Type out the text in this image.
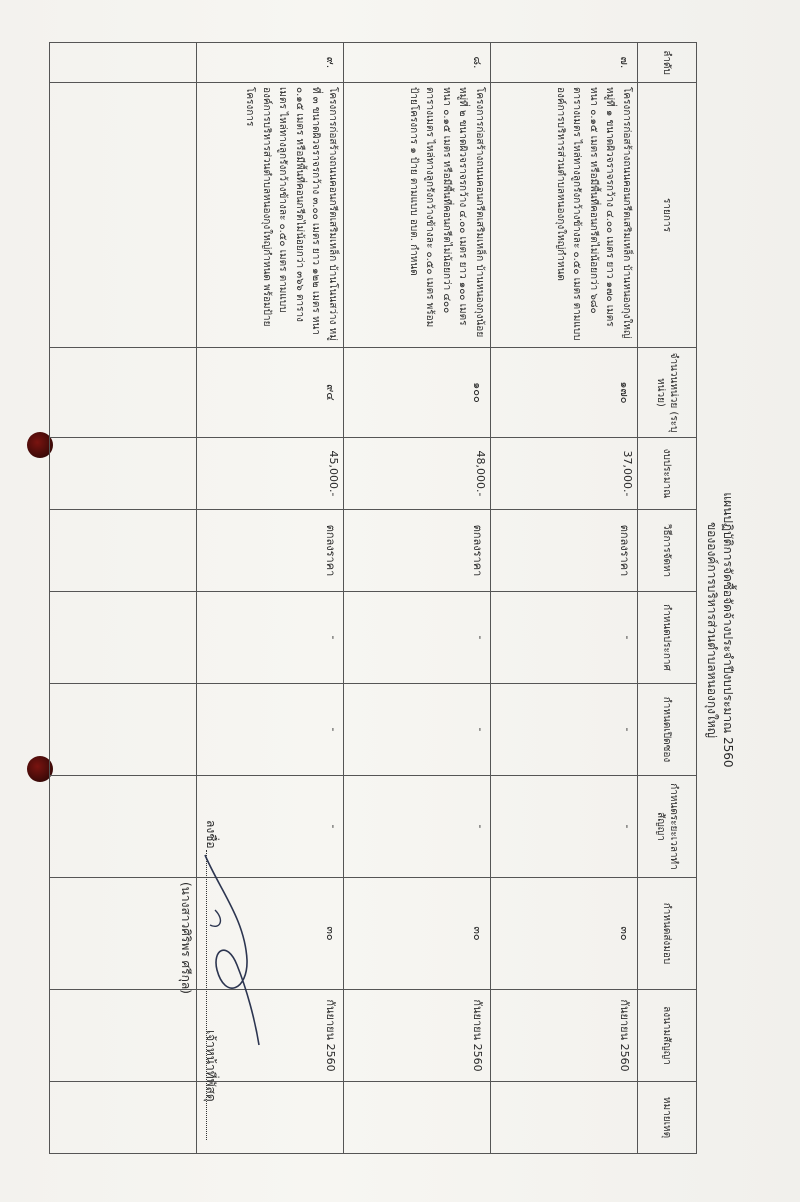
แผนปฏิบัติการจัดซื้อจัดจ้างประจำปีงบประมาณ 2560
ขององค์การบริหารส่วนตำบลหนองกุงใหญ่
ลำดับ	รายการ	จำนวนหน่วย (ระบุหน่วย)	งบประมาณ	วิธีการจัดหา	กำหนดประกาศ	กำหนดเปิดซอง	กำหนดระยะเวลาทำสัญญา	กำหนดส่งมอบ	ลงนามสัญญา	หมายเหตุ
๗.	โครงการก่อสร้างถนนคอนกรีตเสริมเหล็ก บ้านหนองกุงใหญ่ หมู่ที่ ๑ ขนาดผิวจราจรกว้าง ๔.๐๐ เมตร ยาว ๑๗๐ เมตร หนา ๐.๑๕ เมตร หรือมีพื้นที่คอนกรีตไม่น้อยกว่า ๖๘๐ ตารางเมตร ไหล่ทางลูกรังกว้างข้างละ ๐.๕๐ เมตร ตามแบบองค์การบริหารส่วนตำบลหนองกุงใหญ่กำหนด	๑๗๐	37,000.-	ตกลงราคา	-	-	-	๓๐	กันยายน 2560	
๘.	โครงการก่อสร้างถนนคอนกรีตเสริมเหล็ก บ้านหนองกุงน้อย หมู่ที่ ๒ ขนาดผิวจราจรกว้าง ๔.๐๐ เมตร ยาว ๑๐๐ เมตร หนา ๐.๑๕ เมตร หรือมีพื้นที่คอนกรีตไม่น้อยกว่า ๔๐๐ ตารางเมตร ไหล่ทางลูกรังกว้างข้างละ ๐.๕๐ เมตร พร้อมป้ายโครงการ ๑ ป้าย ตามแบบ อบต. กำหนด	๑๐๐	48,000.-	ตกลงราคา	-	-	-	๓๐	กันยายน 2560	
๙.	โครงการก่อสร้างถนนคอนกรีตเสริมเหล็ก บ้านโนนสว่าง หมู่ที่ ๓ ขนาดผิวจราจรกว้าง ๓.๐๐ เมตร ยาว ๑๒๒ เมตร หนา ๐.๑๕ เมตร หรือมีพื้นที่คอนกรีตไม่น้อยกว่า ๓๖๖ ตารางเมตร ไหล่ทางลูกรังกว้างข้างละ ๐.๕๐ เมตร ตามแบบองค์การบริหารส่วนตำบลหนองกุงใหญ่กำหนด พร้อมป้ายโครงการ	๙๔	45,000.-	ตกลงราคา	-	-	-	๓๐	กันยายน 2560	

ลงชื่อ
เจ้าหน้าที่พัสดุ
(นางสาวศิริพร ศรีกุล)
